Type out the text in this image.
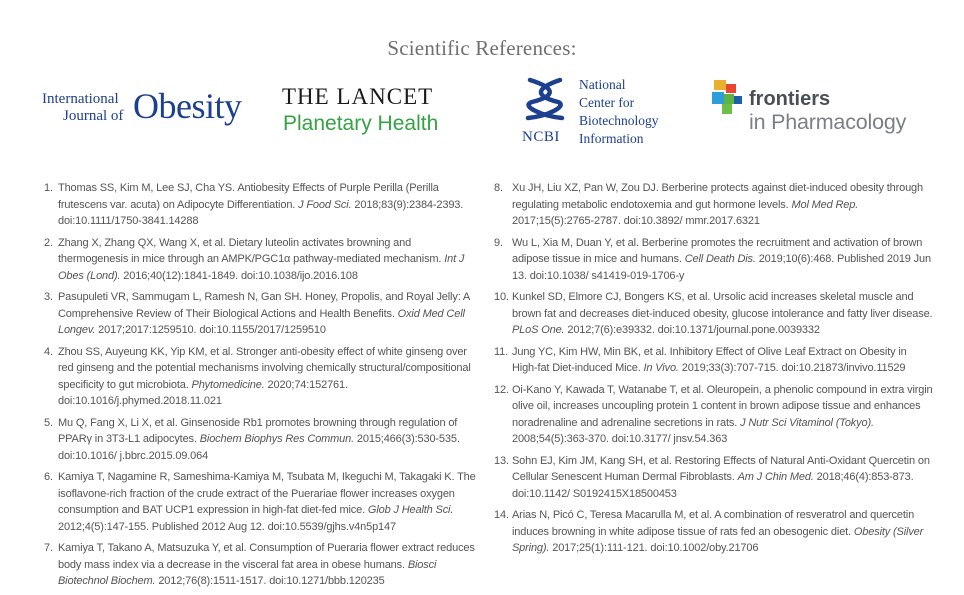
Scientific References:
International
Journal of Obesity THE LANCET
Planetary Health
NCBI
National
Center for
Biotechnology
Information
frontiers
in Pharmacology
1. Thomas SS, Kim M, Lee SJ, Cha YS. Antiobesity Effects of Purple Perilla (Perilla frutescens var. acuta) on Adipocyte Differentiation. J Food Sci. 2018;83(9):2384-2393. doi:10.1111/1750-3841.14288
2. Zhang X, Zhang QX, Wang X, et al. Dietary luteolin activates browning and thermogenesis in mice through an AMPK/PGC1α pathway-mediated mechanism. Int J Obes (Lond). 2016;40(12):1841-1849. doi:10.1038/ijo.2016.108
3. Pasupuleti VR, Sammugam L, Ramesh N, Gan SH. Honey, Propolis, and Royal Jelly: A Comprehensive Review of Their Biological Actions and Health Benefits. Oxid Med Cell Longev. 2017;2017:1259510. doi:10.1155/2017/1259510
4. Zhou SS, Auyeung KK, Yip KM, et al. Stronger anti-obesity effect of white ginseng over red ginseng and the potential mechanisms involving chemically structural/compositional specificity to gut microbiota. Phytomedicine. 2020;74:152761. doi:10.1016/j.phymed.2018.11.021
5. Mu Q, Fang X, Li X, et al. Ginsenoside Rb1 promotes browning through regulation of PPARγ in 3T3-L1 adipocytes. Biochem Biophys Res Commun. 2015;466(3):530-535. doi:10.1016/ j.bbrc.2015.09.064
6. Kamiya T, Nagamine R, Sameshima-Kamiya M, Tsubata M, Ikeguchi M, Takagaki K. The isoflavone-rich fraction of the crude extract of the Puerariae flower increases oxygen consumption and BAT UCP1 expression in high-fat diet-fed mice. Glob J Health Sci. 2012;4(5):147-155. Published 2012 Aug 12. doi:10.5539/gjhs.v4n5p147
7. Kamiya T, Takano A, Matsuzuka Y, et al. Consumption of Pueraria flower extract reduces body mass index via a decrease in the visceral fat area in obese humans. Biosci Biotechnol Biochem. 2012;76(8):1511-1517. doi:10.1271/bbb.120235
8. Xu JH, Liu XZ, Pan W, Zou DJ. Berberine protects against diet-induced obesity through regulating metabolic endotoxemia and gut hormone levels. Mol Med Rep. 2017;15(5):2765-2787. doi:10.3892/ mmr.2017.6321
9. Wu L, Xia M, Duan Y, et al. Berberine promotes the recruitment and activation of brown adipose tissue in mice and humans. Cell Death Dis. 2019;10(6):468. Published 2019 Jun 13. doi:10.1038/ s41419-019-1706-y
10. Kunkel SD, Elmore CJ, Bongers KS, et al. Ursolic acid increases skeletal muscle and brown fat and decreases diet-induced obesity, glucose intolerance and fatty liver disease. PLoS One. 2012;7(6):e39332. doi:10.1371/journal.pone.0039332
11. Jung YC, Kim HW, Min BK, et al. Inhibitory Effect of Olive Leaf Extract on Obesity in High-fat Diet-induced Mice. In Vivo. 2019;33(3):707-715. doi:10.21873/invivo.11529
12. Oi-Kano Y, Kawada T, Watanabe T, et al. Oleuropein, a phenolic compound in extra virgin olive oil, increases uncoupling protein 1 content in brown adipose tissue and enhances noradrenaline and adrenaline secretions in rats. J Nutr Sci Vitaminol (Tokyo). 2008;54(5):363-370. doi:10.3177/ jnsv.54.363
13. Sohn EJ, Kim JM, Kang SH, et al. Restoring Effects of Natural Anti-Oxidant Quercetin on Cellular Senescent Human Dermal Fibroblasts. Am J Chin Med. 2018;46(4):853-873. doi:10.1142/ S0192415X18500453
14. Arias N, Picó C, Teresa Macarulla M, et al. A combination of resveratrol and quercetin induces browning in white adipose tissue of rats fed an obesogenic diet. Obesity (Silver Spring). 2017;25(1):111-121. doi:10.1002/oby.21706
